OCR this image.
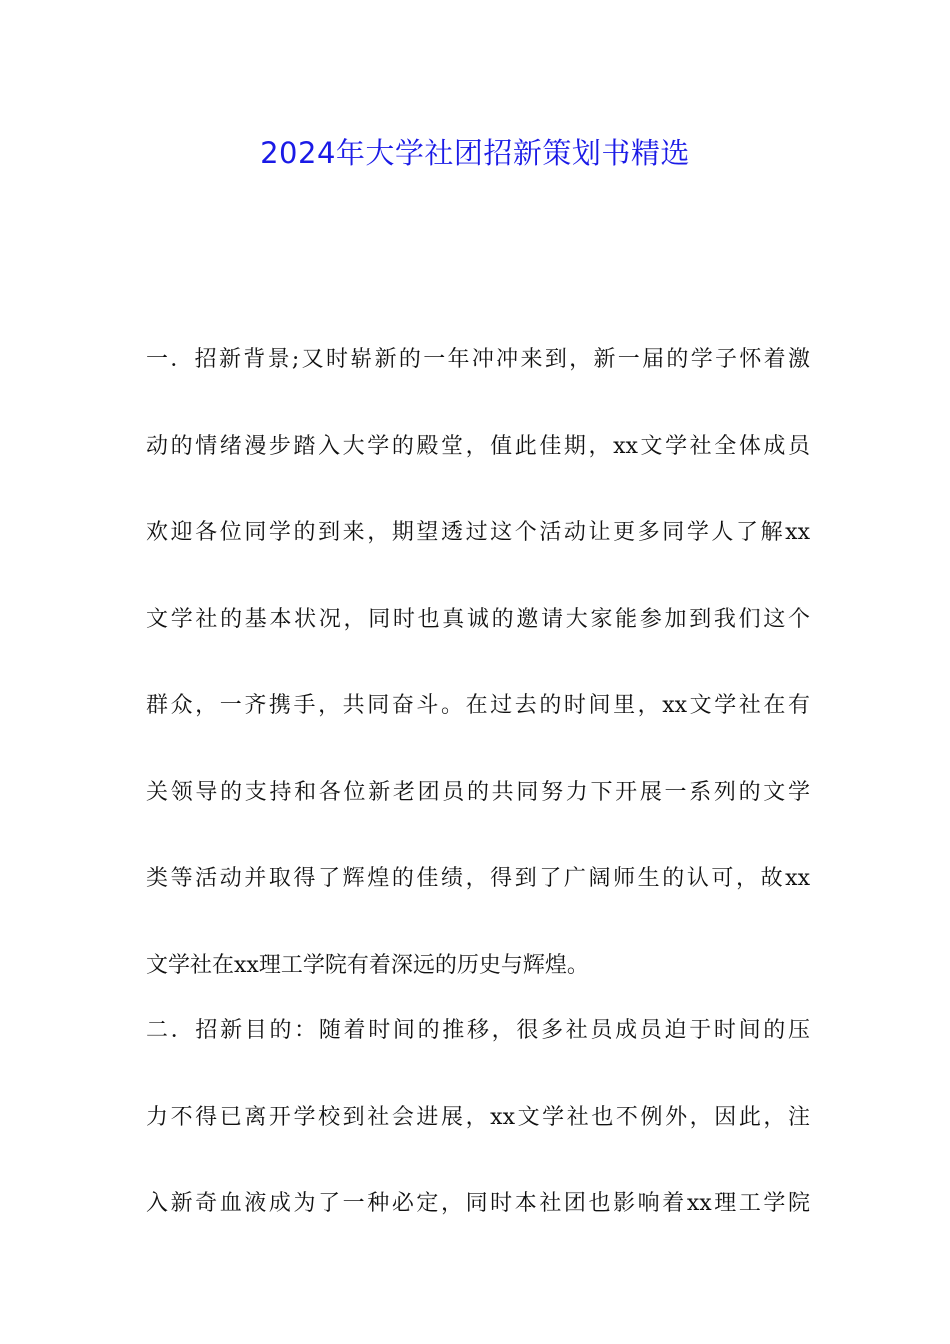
2024年大学社团招新策划书精选
一．招新背景;又时崭新的一年冲冲来到，新一届的学子怀着激
动的情绪漫步踏入大学的殿堂，值此佳期，xx文学社全体成员
欢迎各位同学的到来，期望透过这个活动让更多同学人了解xx
文学社的基本状况，同时也真诚的邀请大家能参加到我们这个
群众，一齐携手，共同奋斗。在过去的时间里，xx文学社在有
关领导的支持和各位新老团员的共同努力下开展一系列的文学
类等活动并取得了辉煌的佳绩，得到了广阔师生的认可，故xx
文学社在xx理工学院有着深远的历史与辉煌。
二．招新目的：随着时间的推移，很多社员成员迫于时间的压
力不得已离开学校到社会进展，xx文学社也不例外，因此，注
入新奇血液成为了一种必定，同时本社团也影响着xx理工学院
